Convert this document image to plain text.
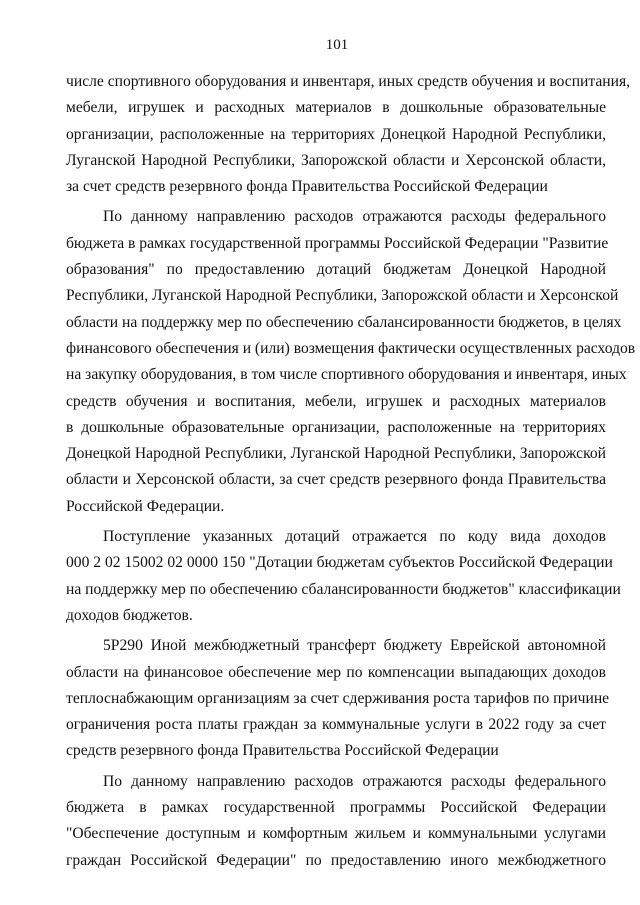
101
числе спортивного оборудования и инвентаря, иных средств обучения и воспитания,
мебели, игрушек и расходных материалов в дошкольные образовательные
организации, расположенные на территориях Донецкой Народной Республики,
Луганской Народной Республики, Запорожской области и Херсонской области,
за счет средств резервного фонда Правительства Российской Федерации
По данному направлению расходов отражаются расходы федерального
бюджета в рамках государственной программы Российской Федерации "Развитие
образования" по предоставлению дотаций бюджетам Донецкой Народной
Республики, Луганской Народной Республики, Запорожской области и Херсонской
области на поддержку мер по обеспечению сбалансированности бюджетов, в целях
финансового обеспечения и (или) возмещения фактически осуществленных расходов
на закупку оборудования, в том числе спортивного оборудования и инвентаря, иных
средств обучения и воспитания, мебели, игрушек и расходных материалов
в дошкольные образовательные организации, расположенные на территориях
Донецкой Народной Республики, Луганской Народной Республики, Запорожской
области и Херсонской области, за счет средств резервного фонда Правительства
Российской Федерации.
Поступление указанных дотаций отражается по коду вида доходов
000 2 02 15002 02 0000 150 "Дотации бюджетам субъектов Российской Федерации
на поддержку мер по обеспечению сбалансированности бюджетов" классификации
доходов бюджетов.
5Р290 Иной межбюджетный трансферт бюджету Еврейской автономной
области на финансовое обеспечение мер по компенсации выпадающих доходов
теплоснабжающим организациям за счет сдерживания роста тарифов по причине
ограничения роста платы граждан за коммунальные услуги в 2022 году за счет
средств резервного фонда Правительства Российской Федерации
По данному направлению расходов отражаются расходы федерального
бюджета в рамках государственной программы Российской Федерации
"Обеспечение доступным и комфортным жильем и коммунальными услугами
граждан Российской Федерации" по предоставлению иного межбюджетного
